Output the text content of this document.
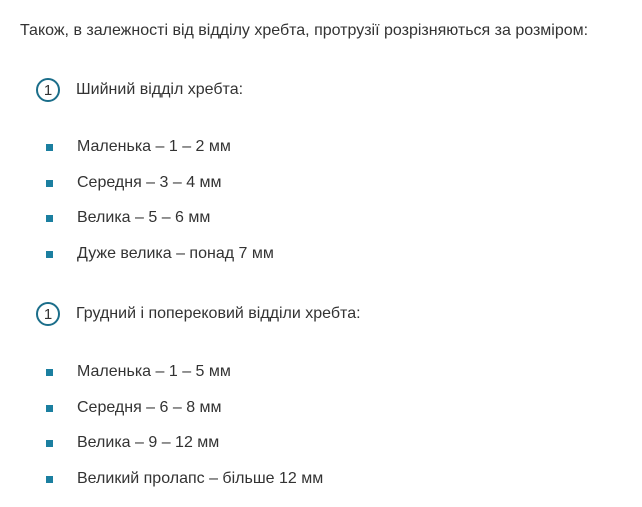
Також, в залежності від відділу хребта, протрузії розрізняються за розміром:
1	Шийний відділ хребта:
Маленька – 1 – 2 мм
Середня – 3 – 4 мм
Велика – 5 – 6 мм
Дуже велика – понад 7 мм
1	Грудний і поперековий відділи хребта:
Маленька – 1 – 5 мм
Середня – 6 – 8 мм
Велика – 9 – 12 мм
Великий пролапс – більше 12 мм
